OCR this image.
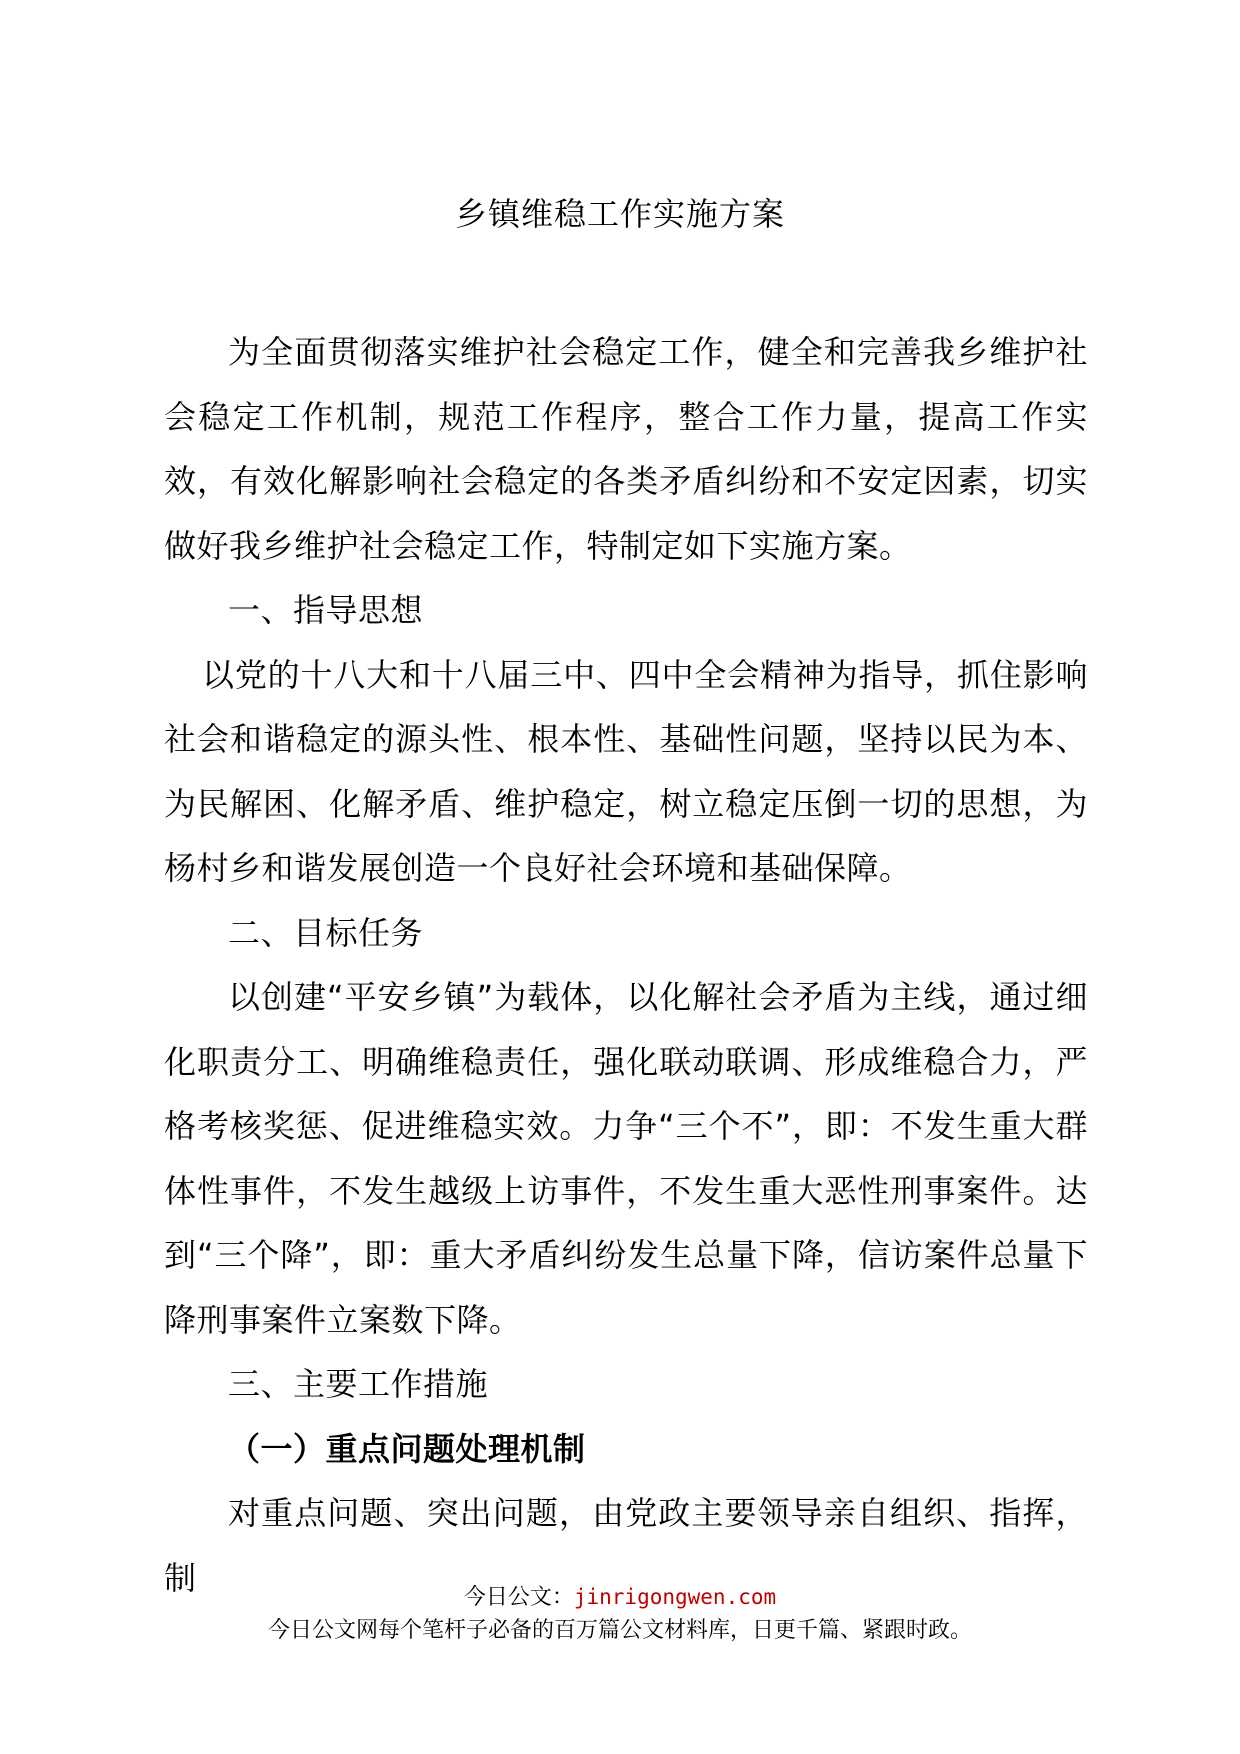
乡镇维稳工作实施方案

为全面贯彻落实维护社会稳定工作，健全和完善我乡维护社会稳定工作机制，规范工作程序，整合工作力量，提高工作实效，有效化解影响社会稳定的各类矛盾纠纷和不安定因素，切实做好我乡维护社会稳定工作，特制定如下实施方案。

一、指导思想

以党的十八大和十八届三中、四中全会精神为指导，抓住影响社会和谐稳定的源头性、根本性、基础性问题，坚持以民为本、为民解困、化解矛盾、维护稳定，树立稳定压倒一切的思想，为杨村乡和谐发展创造一个良好社会环境和基础保障。

二、目标任务

以创建“平安乡镇”为载体，以化解社会矛盾为主线，通过细化职责分工、明确维稳责任，强化联动联调、形成维稳合力，严格考核奖惩、促进维稳实效。力争“三个不”，即：不发生重大群体性事件，不发生越级上访事件，不发生重大恶性刑事案件。达到“三个降”，即：重大矛盾纠纷发生总量下降，信访案件总量下降刑事案件立案数下降。

三、主要工作措施

（一）重点问题处理机制

对重点问题、突出问题，由党政主要领导亲自组织、指挥，制

今日公文：jinrigongwen.com
今日公文网每个笔杆子必备的百万篇公文材料库，日更千篇、紧跟时政。
